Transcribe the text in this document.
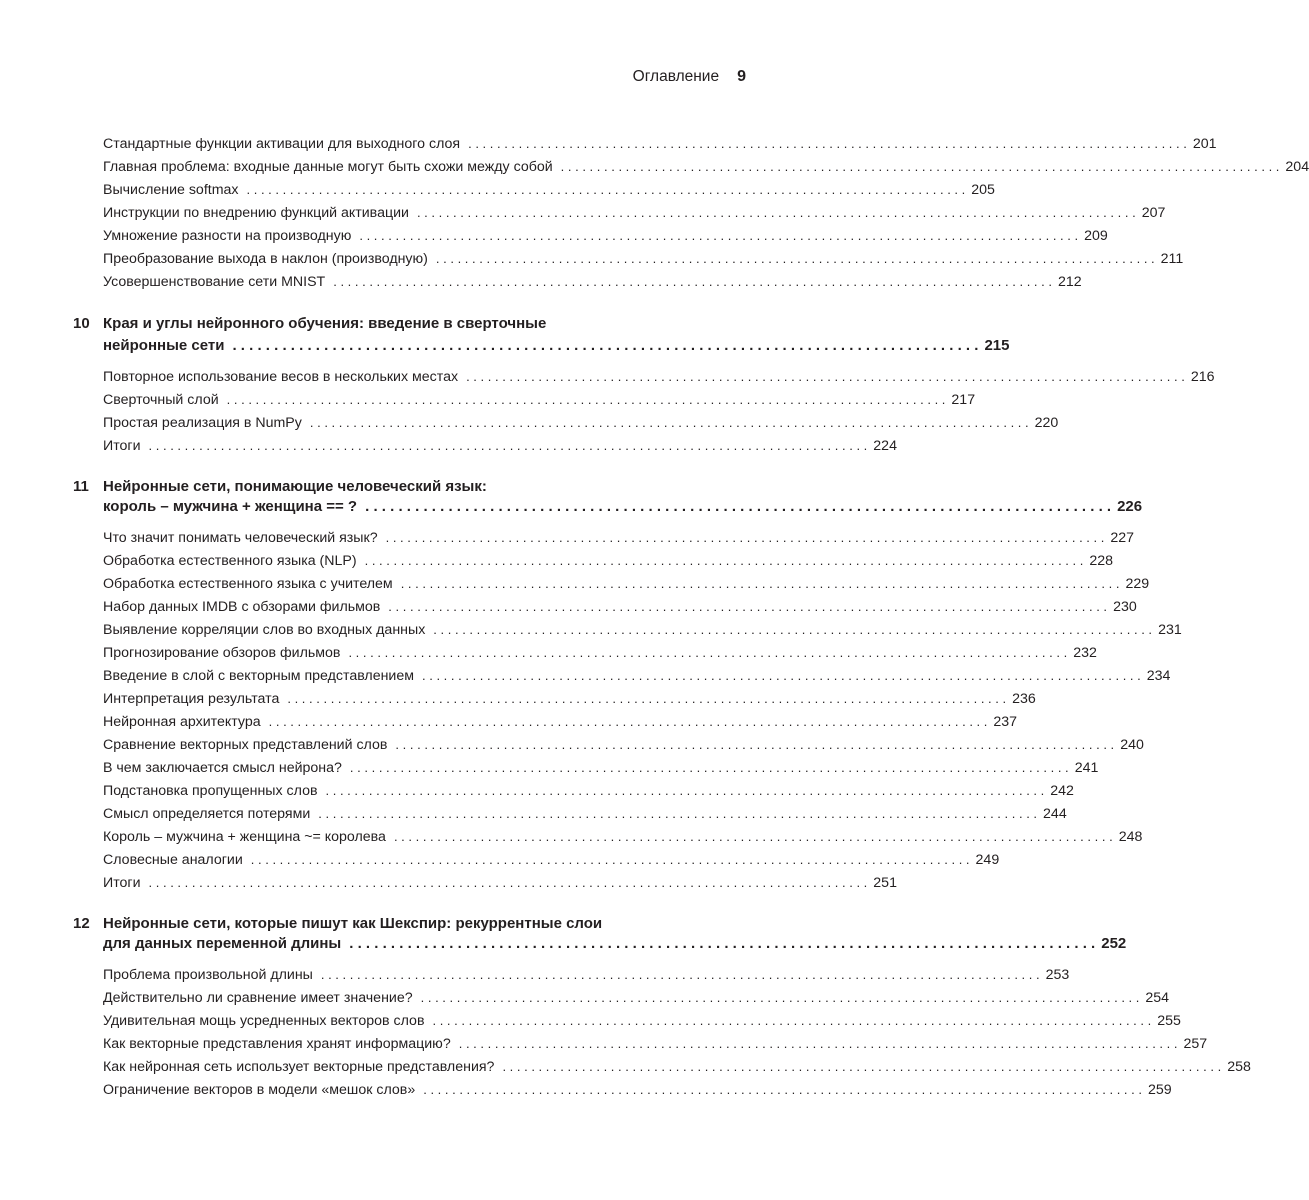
Оглавление 9
Стандартные функции активации для выходного слоя . . .	201
Главная проблема: входные данные могут быть схожи между собой . . .	204
Вычисление softmax . . .	205
Инструкции по внедрению функций активации . . .	207
Умножение разности на производную . . .	209
Преобразование выхода в наклон (производную) . . .	211
Усовершенствование сети MNIST . . .	212
10 Края и углы нейронного обучения: введение в сверточные
нейронные сети . . .	215
Повторное использование весов в нескольких местах . . .	216
Сверточный слой . . .	217
Простая реализация в NumPy . . .	220
Итоги . . .	224
11 Нейронные сети, понимающие человеческий язык:
король – мужчина + женщина == ? . . .	226
Что значит понимать человеческий язык? . . .	227
Обработка естественного языка (NLP) . . .	228
Обработка естественного языка с учителем . . .	229
Набор данных IMDB с обзорами фильмов . . .	230
Выявление корреляции слов во входных данных . . .	231
Прогнозирование обзоров фильмов . . .	232
Введение в слой с векторным представлением . . .	234
Интерпретация результата . . .	236
Нейронная архитектура . . .	237
Сравнение векторных представлений слов . . .	240
В чем заключается смысл нейрона? . . .	241
Подстановка пропущенных слов . . .	242
Смысл определяется потерями . . .	244
Король – мужчина + женщина ~= королева . . .	248
Словесные аналогии . . .	249
Итоги . . .	251
12 Нейронные сети, которые пишут как Шекспир: рекуррентные слои
для данных переменной длины . . .	252
Проблема произвольной длины . . .	253
Действительно ли сравнение имеет значение? . . .	254
Удивительная мощь усредненных векторов слов . . .	255
Как векторные представления хранят информацию? . . .	257
Как нейронная сеть использует векторные представления? . . .	258
Ограничение векторов в модели «мешок слов» . . .	259
